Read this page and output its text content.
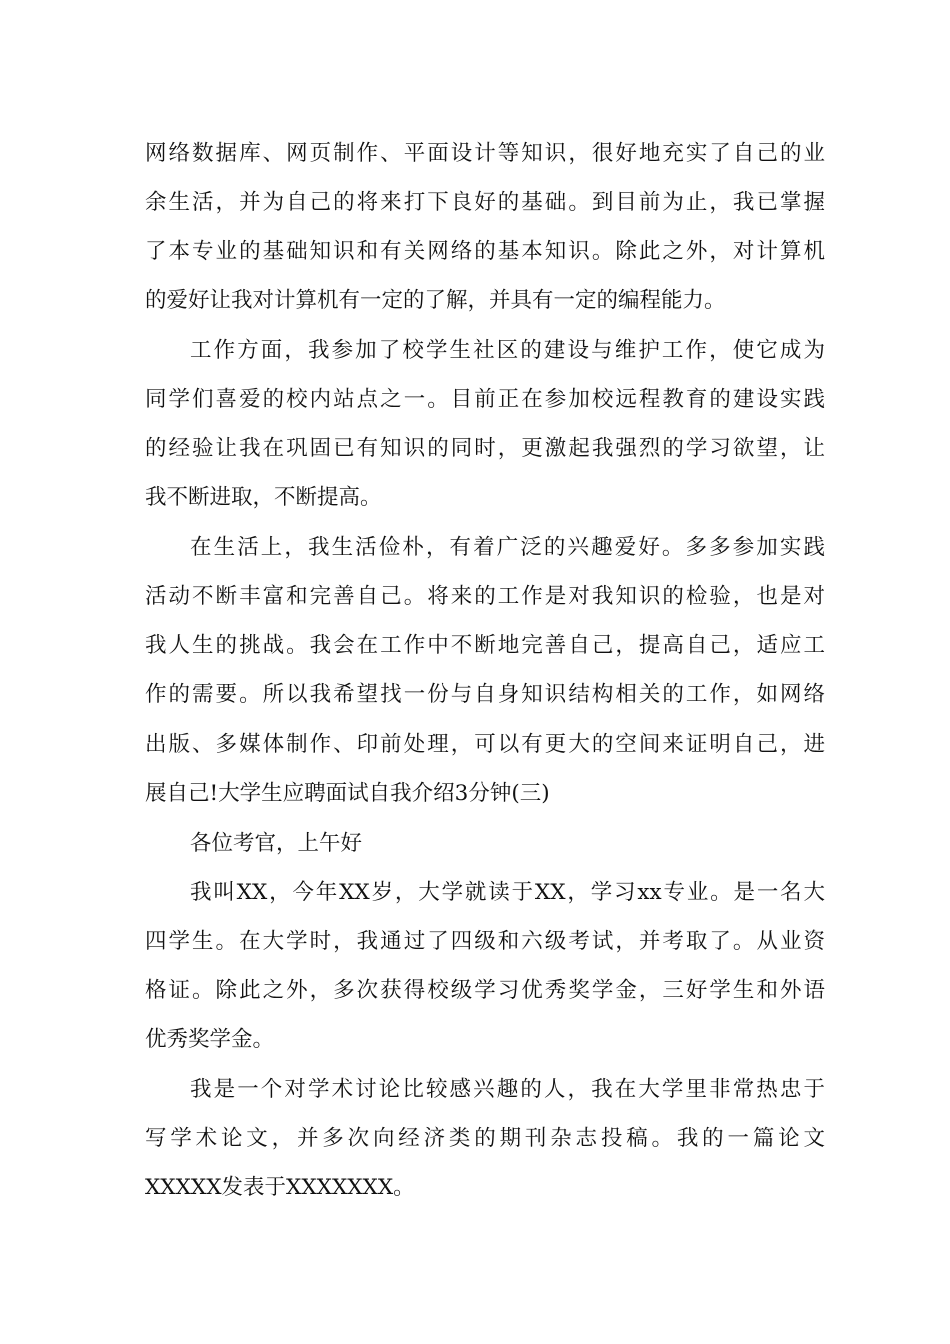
网络数据库、网页制作、平面设计等知识，很好地充实了自己的业
余生活，并为自己的将来打下良好的基础。到目前为止，我已掌握
了本专业的基础知识和有关网络的基本知识。除此之外，对计算机
的爱好让我对计算机有一定的了解，并具有一定的编程能力。
工作方面，我参加了校学生社区的建设与维护工作，使它成为
同学们喜爱的校内站点之一。目前正在参加校远程教育的建设实践
的经验让我在巩固已有知识的同时，更激起我强烈的学习欲望，让
我不断进取，不断提高。
在生活上，我生活俭朴，有着广泛的兴趣爱好。多多参加实践
活动不断丰富和完善自己。将来的工作是对我知识的检验，也是对
我人生的挑战。我会在工作中不断地完善自己，提高自己，适应工
作的需要。所以我希望找一份与自身知识结构相关的工作，如网络
出版、多媒体制作、印前处理，可以有更大的空间来证明自己，进
展自己!大学生应聘面试自我介绍3分钟(三)
各位考官，上午好
我叫XX，今年XX岁，大学就读于XX，学习xx专业。是一名大
四学生。在大学时，我通过了四级和六级考试，并考取了。从业资
格证。除此之外，多次获得校级学习优秀奖学金，三好学生和外语
优秀奖学金。
我是一个对学术讨论比较感兴趣的人，我在大学里非常热忠于
写学术论文，并多次向经济类的期刊杂志投稿。我的一篇论文
XXXXX发表于XXXXXXX。
